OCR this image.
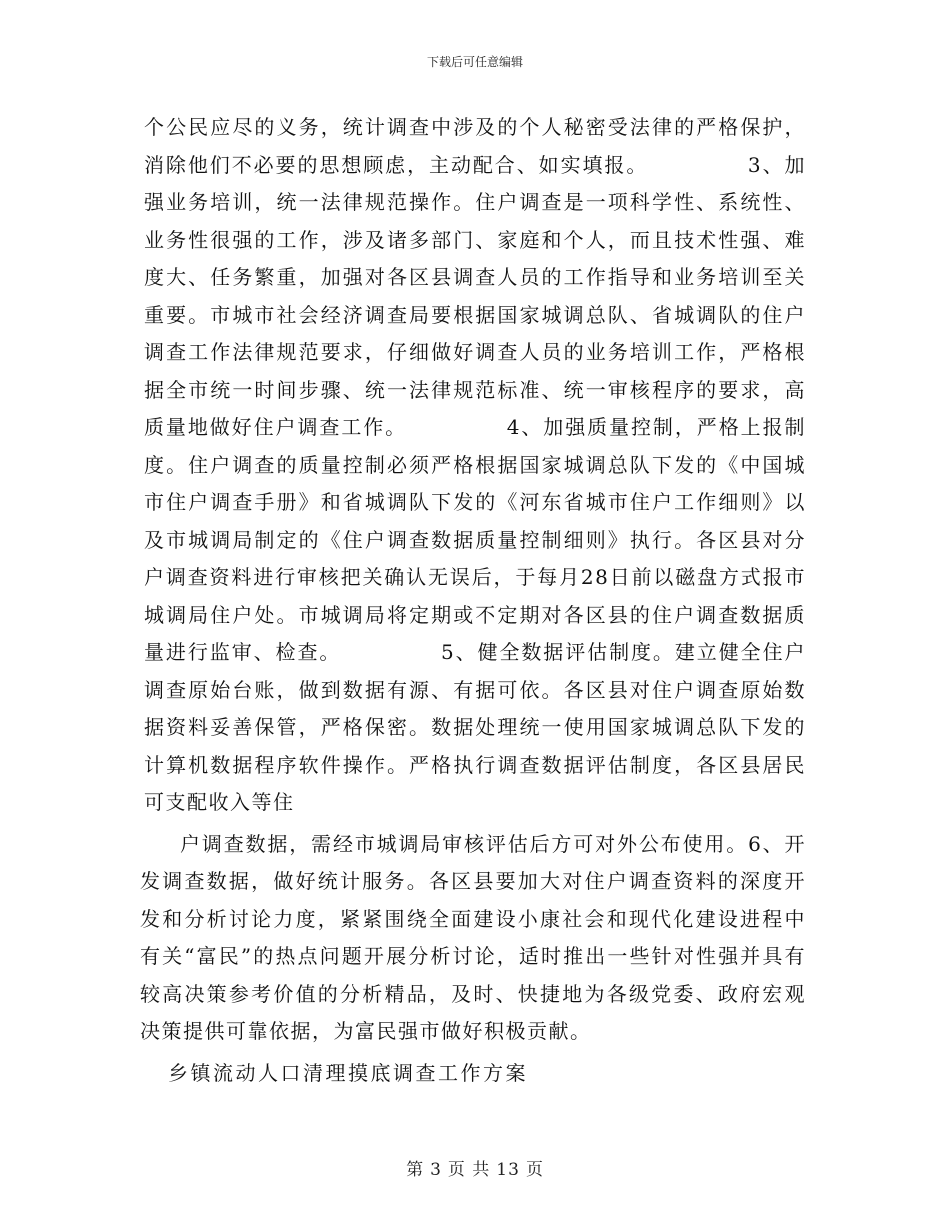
下载后可任意编辑

个公民应尽的义务，统计调查中涉及的个人秘密受法律的严格保护，消除他们不必要的思想顾虑，主动配合、如实填报。　　　　　3、加强业务培训，统一法律规范操作。住户调查是一项科学性、系统性、业务性很强的工作，涉及诸多部门、家庭和个人，而且技术性强、难度大、任务繁重，加强对各区县调查人员的工作指导和业务培训至关重要。市城市社会经济调查局要根据国家城调总队、省城调队的住户调查工作法律规范要求，仔细做好调查人员的业务培训工作，严格根据全市统一时间步骤、统一法律规范标准、统一审核程序的要求，高质量地做好住户调查工作。　　　　　4、加强质量控制，严格上报制度。住户调查的质量控制必须严格根据国家城调总队下发的《中国城市住户调查手册》和省城调队下发的《河东省城市住户工作细则》以及市城调局制定的《住户调查数据质量控制细则》执行。各区县对分户调查资料进行审核把关确认无误后，于每月28日前以磁盘方式报市城调局住户处。市城调局将定期或不定期对各区县的住户调查数据质量进行监审、检查。　　　　　5、健全数据评估制度。建立健全住户调查原始台账，做到数据有源、有据可依。各区县对住户调查原始数据资料妥善保管，严格保密。数据处理统一使用国家城调总队下发的计算机数据程序软件操作。严格执行调查数据评估制度，各区县居民可支配收入等住

户调查数据，需经市城调局审核评估后方可对外公布使用。6、开发调查数据，做好统计服务。各区县要加大对住户调查资料的深度开发和分析讨论力度，紧紧围绕全面建设小康社会和现代化建设进程中有关“富民”的热点问题开展分析讨论，适时推出一些针对性强并具有较高决策参考价值的分析精品，及时、快捷地为各级党委、政府宏观决策提供可靠依据，为富民强市做好积极贡献。

乡镇流动人口清理摸底调查工作方案

第 3 页 共 13 页
